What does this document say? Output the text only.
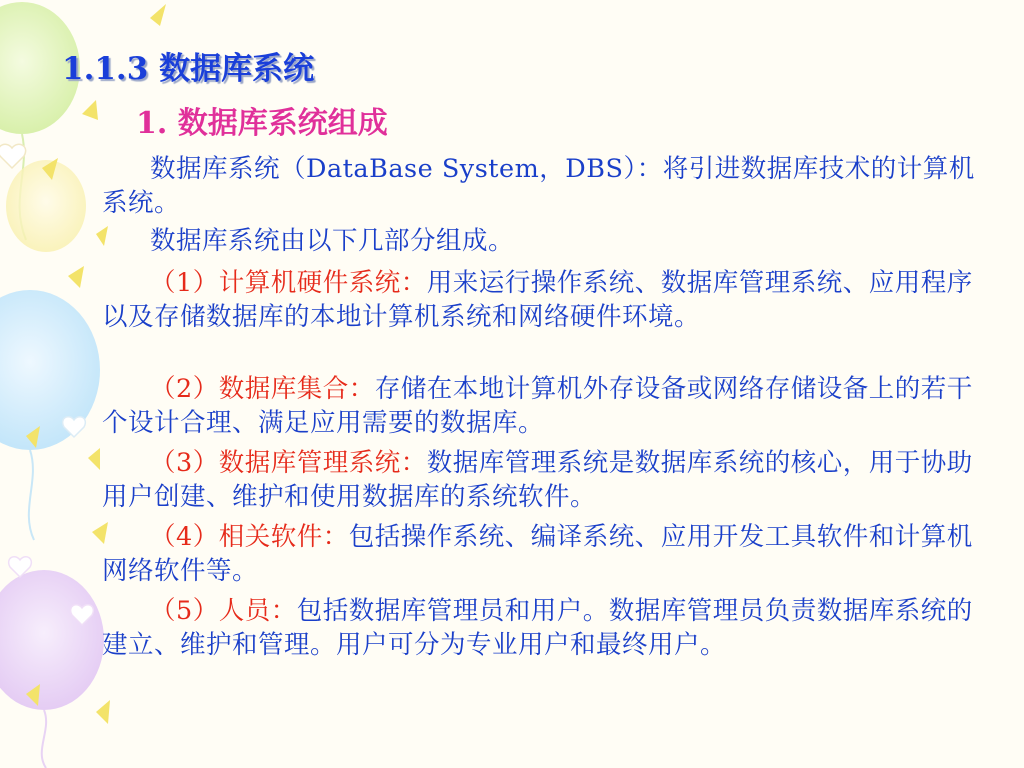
1.1.3 数据库系统
1. 数据库系统组成

数据库系统（DataBase System，DBS）：将引进数据库技术的计算机系统。

数据库系统由以下几部分组成。

（1）计算机硬件系统：用来运行操作系统、数据库管理系统、应用程序以及存储数据库的本地计算机系统和网络硬件环境。

（2）数据库集合：存储在本地计算机外存设备或网络存储设备上的若干个设计合理、满足应用需要的数据库。

（3）数据库管理系统：数据库管理系统是数据库系统的核心，用于协助用户创建、维护和使用数据库的系统软件。

（4）相关软件：包括操作系统、编译系统、应用开发工具软件和计算机网络软件等。

（5）人员：包括数据库管理员和用户。数据库管理员负责数据库系统的建立、维护和管理。用户可分为专业用户和最终用户。
